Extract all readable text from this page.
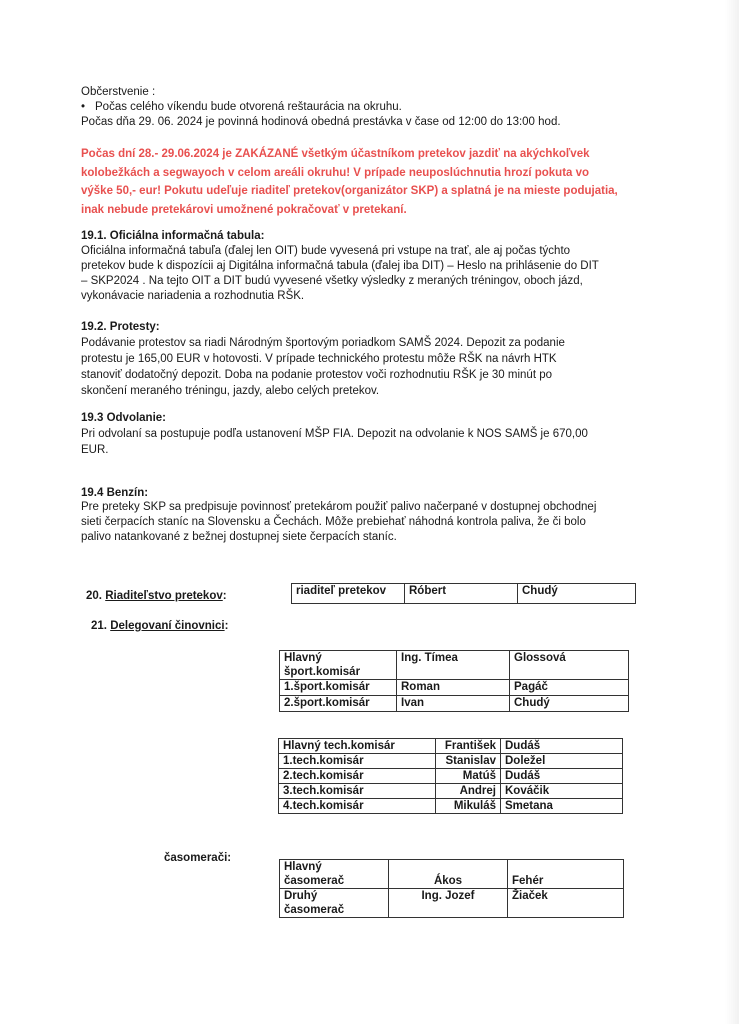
Občerstvenie :
• Počas celého víkendu bude otvorená reštaurácia na okruhu.
Počas dňa 29. 06. 2024 je povinná hodinová obedná prestávka v čase od 12:00 do 13:00 hod.
Počas dní 28.- 29.06.2024 je ZAKÁZANÉ všetkým účastníkom pretekov jazdiť na akýchkoľvek
kolobežkách a segwayoch v celom areáli okruhu! V prípade neuposlúchnutia hrozí pokuta vo
výške 50,- eur! Pokutu udeľuje riaditeľ pretekov(organizátor SKP) a splatná je na mieste podujatia,
inak nebude pretekárovi umožnené pokračovať v pretekaní.
19.1. Oficiálna informačná tabula:
Oficiálna informačná tabuľa (ďalej len OIT) bude vyvesená pri vstupe na trať, ale aj počas týchto
pretekov bude k dispozícii aj Digitálna informačná tabula (ďalej iba DIT) – Heslo na prihlásenie do DIT
– SKP2024 . Na tejto OIT a DIT budú vyvesené všetky výsledky z meraných tréningov, oboch jázd,
vykonávacie nariadenia a rozhodnutia RŠK.
19.2. Protesty:
Podávanie protestov sa riadi Národným športovým poriadkom SAMŠ 2024. Depozit za podanie
protestu je 165,00 EUR v hotovosti. V prípade technického protestu môže RŠK na návrh HTK
stanoviť dodatočný depozit. Doba na podanie protestov voči rozhodnutiu RŠK je 30 minút po
skončení meraného tréningu, jazdy, alebo celých pretekov.
19.3 Odvolanie:
Pri odvolaní sa postupuje podľa ustanovení MŠP FIA. Depozit na odvolanie k NOS SAMŠ je 670,00
EUR.
19.4 Benzín:
Pre preteky SKP sa predpisuje povinnosť pretekárom použiť palivo načerpané v dostupnej obchodnej
sieti čerpacích staníc na Slovensku a Čechách. Môže prebiehať náhodná kontrola paliva, že či bolo
palivo natankované z bežnej dostupnej siete čerpacích staníc.
20. Riaditeľstvo pretekov:	riaditeľ pretekov	Róbert	Chudý
21. Delegovaní činovnici:
Hlavný
šport.komisár	Ing. Tímea	Glossová
1.šport.komisár	Roman	Pagáč
2.šport.komisár	Ivan	Chudý
Hlavný tech.komisár	František	Dudáš
1.tech.komisár	Stanislav	Doležel
2.tech.komisár	Matúš	Dudáš
3.tech.komisár	Andrej	Kováčik
4.tech.komisár	Mikuláš	Smetana
časomerači:
Hlavný
časomerač	Ákos	Fehér
Druhý
časomerač	Ing. Jozef	Žiaček
